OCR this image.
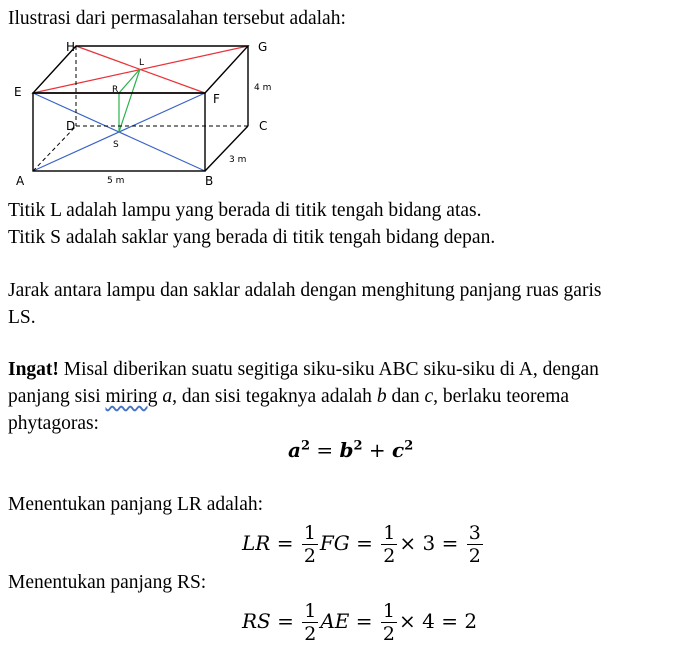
Ilustrasi dari permasalahan tersebut adalah:
H	G
E	F
D	C
A	B
L
R
S
4 m
3 m
5 m
Titik L adalah lampu yang berada di titik tengah bidang atas.
Titik S adalah saklar yang berada di titik tengah bidang depan.
Jarak antara lampu dan saklar adalah dengan menghitung panjang ruas garis
LS.
Ingat! Misal diberikan suatu segitiga siku-siku ABC siku-siku di A, dengan
panjang sisi miring a, dan sisi tegaknya adalah b dan c, berlaku teorema
phytagoras:
$a^2 = b^2 + c^2$
Menentukan panjang LR adalah:
LR = $\frac{1}{2}$ FG = $\frac{1}{2} \times 3 = \frac{3}{2}$
Menentukan panjang RS:
RS = $\frac{1}{2}$ AE = $\frac{1}{2} \times 4 = 2$
